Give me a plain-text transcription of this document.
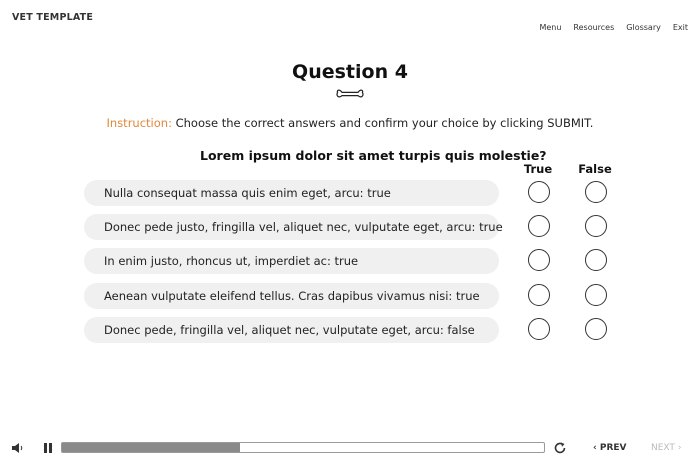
VET TEMPLATE
Menu Resources Glossary Exit
Question 4
Instruction: Choose the correct answers and confirm your choice by clicking SUBMIT.
Lorem ipsum dolor sit amet turpis quis molestie?
True	False
Nulla consequat massa quis enim eget, arcu: true
Donec pede justo, fringilla vel, aliquet nec, vulputate eget, arcu: true
In enim justo, rhoncus ut, imperdiet ac: true
Aenean vulputate eleifend tellus. Cras dapibus vivamus nisi: true
Donec pede, fringilla vel, aliquet nec, vulputate eget, arcu: false
‹ PREV	NEXT ›
